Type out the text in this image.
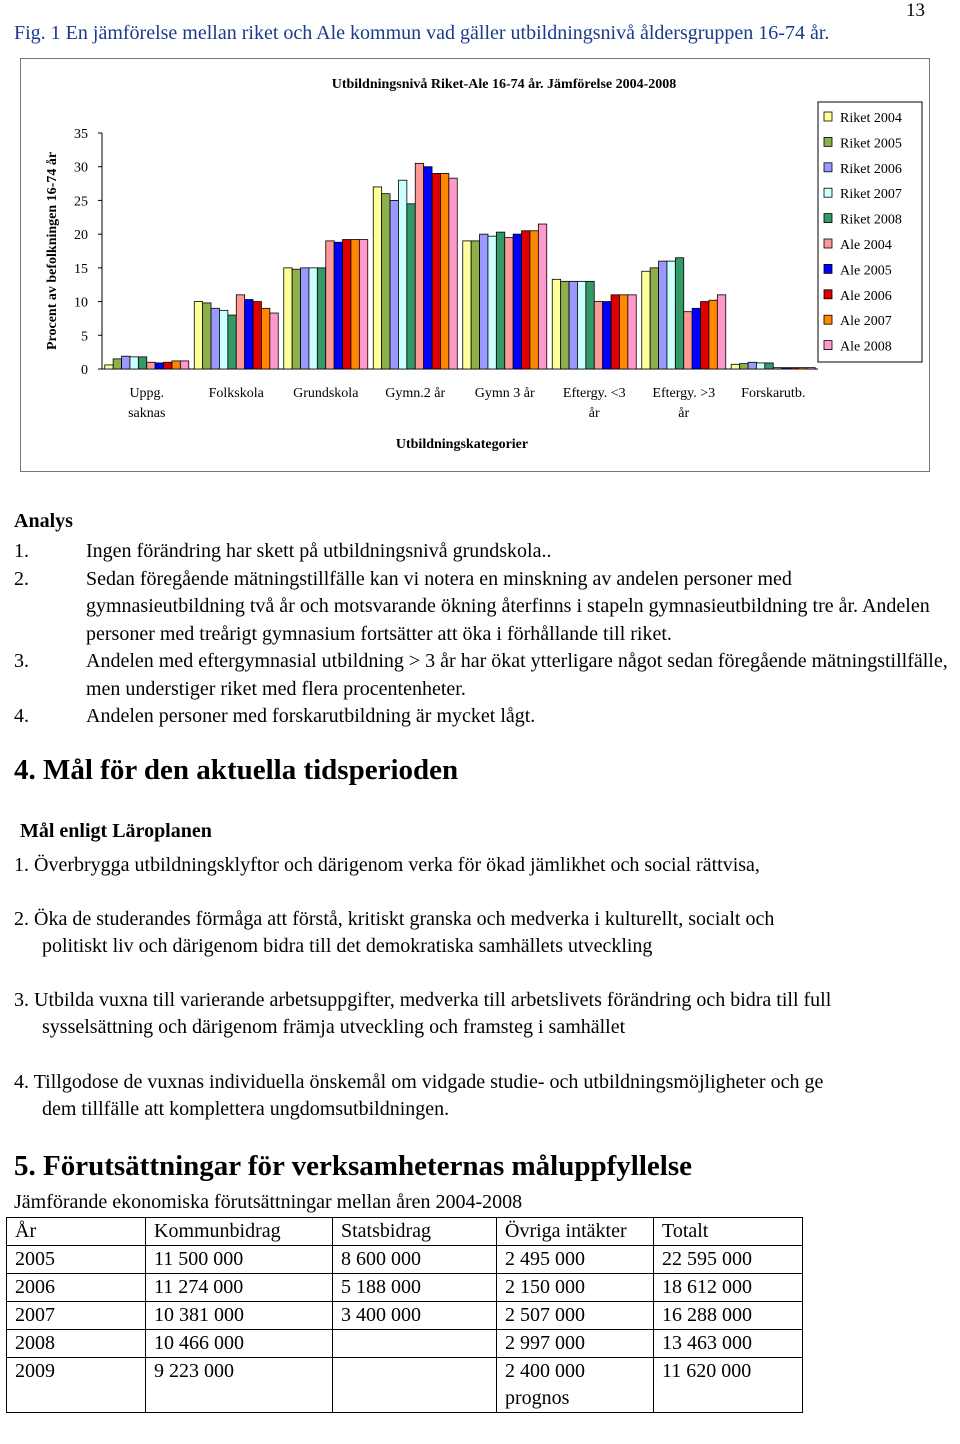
13
Fig. 1 En jämförelse mellan riket och Ale kommun vad gäller utbildningsnivå åldersgruppen 16-74 år.
Utbildningsnivå Riket-Ale 16-74 år. Jämförelse 2004-2008
Procent av befolkningen 16-74 år
0
5
10
15
20
25
30
35
Uppg.
saknas
Folkskola Grundskola Gymn.2 år Gymn 3 år Eftergy. <3
år
Eftergy. >3
år
Forskarutb.
Utbildningskategorier
Riket 2004
Riket 2005
Riket 2006
Riket 2007
Riket 2008
Ale 2004
Ale 2005
Ale 2006
Ale 2007
Ale 2008
Analys
1.	Ingen förändring har skett på utbildningsnivå grundskola..
2.	Sedan föregående mätningstillfälle kan vi notera en minskning av andelen personer med gymnasieutbildning två år och motsvarande ökning återfinns i stapeln gymnasieutbildning tre år. Andelen personer med treårigt gymnasium fortsätter att öka i förhållande till riket.
3.	Andelen med eftergymnasial utbildning > 3 år har ökat ytterligare något sedan föregående mätningstillfälle, men understiger riket med flera procentenheter.
4.	Andelen personer med forskarutbildning är mycket lågt.
4. Mål för den aktuella tidsperioden
Mål enligt Läroplanen
1. Överbrygga utbildningsklyftor och därigenom verka för ökad jämlikhet och social rättvisa,
2. Öka de studerandes förmåga att förstå, kritiskt granska och medverka i kulturellt, socialt och
politiskt liv och därigenom bidra till det demokratiska samhällets utveckling
3. Utbilda vuxna till varierande arbetsuppgifter, medverka till arbetslivets förändring och bidra till full
sysselsättning och därigenom främja utveckling och framsteg i samhället
4. Tillgodose de vuxnas individuella önskemål om vidgade studie- och utbildningsmöjligheter och ge
dem tillfälle att komplettera ungdomsutbildningen.
5. Förutsättningar för verksamheternas måluppfyllelse
Jämförande ekonomiska förutsättningar mellan åren 2004-2008
År	Kommunbidrag	Statsbidrag	Övriga intäkter	Totalt
2005	11 500 000	8 600 000	2 495 000	22 595 000
2006	11 274 000	5 188 000	2 150 000	18 612 000
2007	10 381 000	3 400 000	2 507 000	16 288 000
2008	10 466 000		2 997 000	13 463 000
2009	9 223 000		2 400 000 prognos	11 620 000
